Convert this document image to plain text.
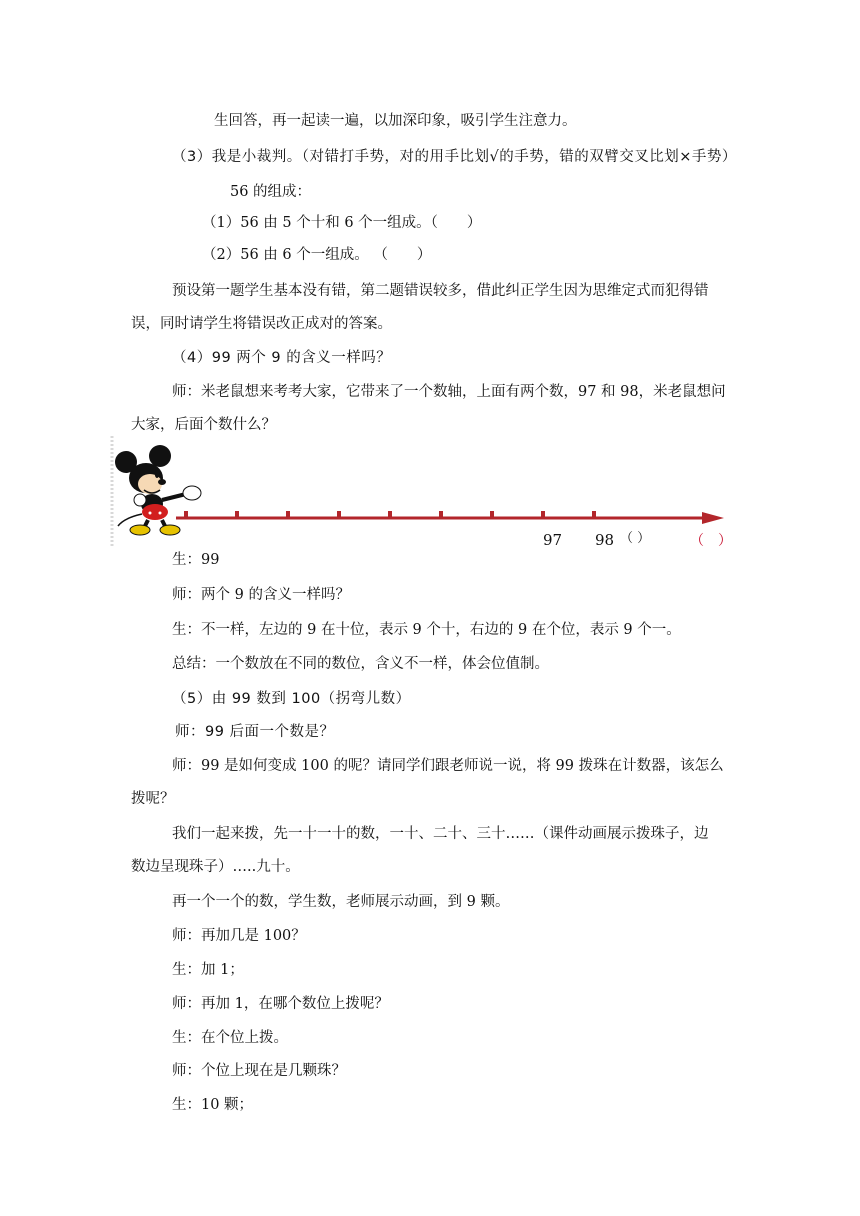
生回答，再一起读一遍，以加深印象，吸引学生注意力。
（3）我是小裁判。（对错打手势，对的用手比划√的手势，错的双臂交叉比划×手势）
56 的组成：
（1）56 由 5 个十和 6 个一组成。（　　）
（2）56 由 6 个一组成。 （　　）
预设第一题学生基本没有错，第二题错误较多，借此纠正学生因为思维定式而犯得错
误，同时请学生将错误改正成对的答案。
（4）99 两个 9 的含义一样吗？
师：米老鼠想来考考大家，它带来了一个数轴，上面有两个数，97 和 98，米老鼠想问
大家，后面个数什么？
97 98 （ ）	（　）
生：99
师：两个 9 的含义一样吗？
生：不一样，左边的 9 在十位，表示 9 个十，右边的 9 在个位，表示 9 个一。
总结：一个数放在不同的数位，含义不一样，体会位值制。
（5）由 99 数到 100（拐弯儿数）
师：99 后面一个数是？
师：99 是如何变成 100 的呢？请同学们跟老师说一说，将 99 拨珠在计数器，该怎么
拨呢？
我们一起来拨，先一十一十的数，一十、二十、三十……（课件动画展示拨珠子，边
数边呈现珠子）…..九十。
再一个一个的数，学生数，老师展示动画，到 9 颗。
师：再加几是 100？
生：加 1；
师：再加 1，在哪个数位上拨呢？
生：在个位上拨。
师：个位上现在是几颗珠？
生：10 颗；
